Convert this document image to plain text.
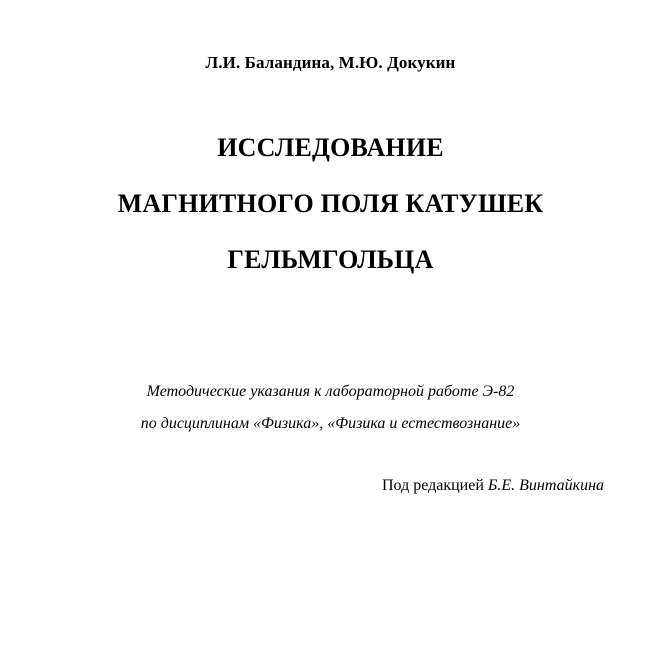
Л.И. Баландина, М.Ю. Докукин
ИССЛЕДОВАНИЕ
МАГНИТНОГО ПОЛЯ КАТУШЕК
ГЕЛЬМГОЛЬЦА
Методические указания к лабораторной работе Э-82
по дисциплинам «Физика», «Физика и естествознание»
Под редакцией Б.Е. Винтайкина
